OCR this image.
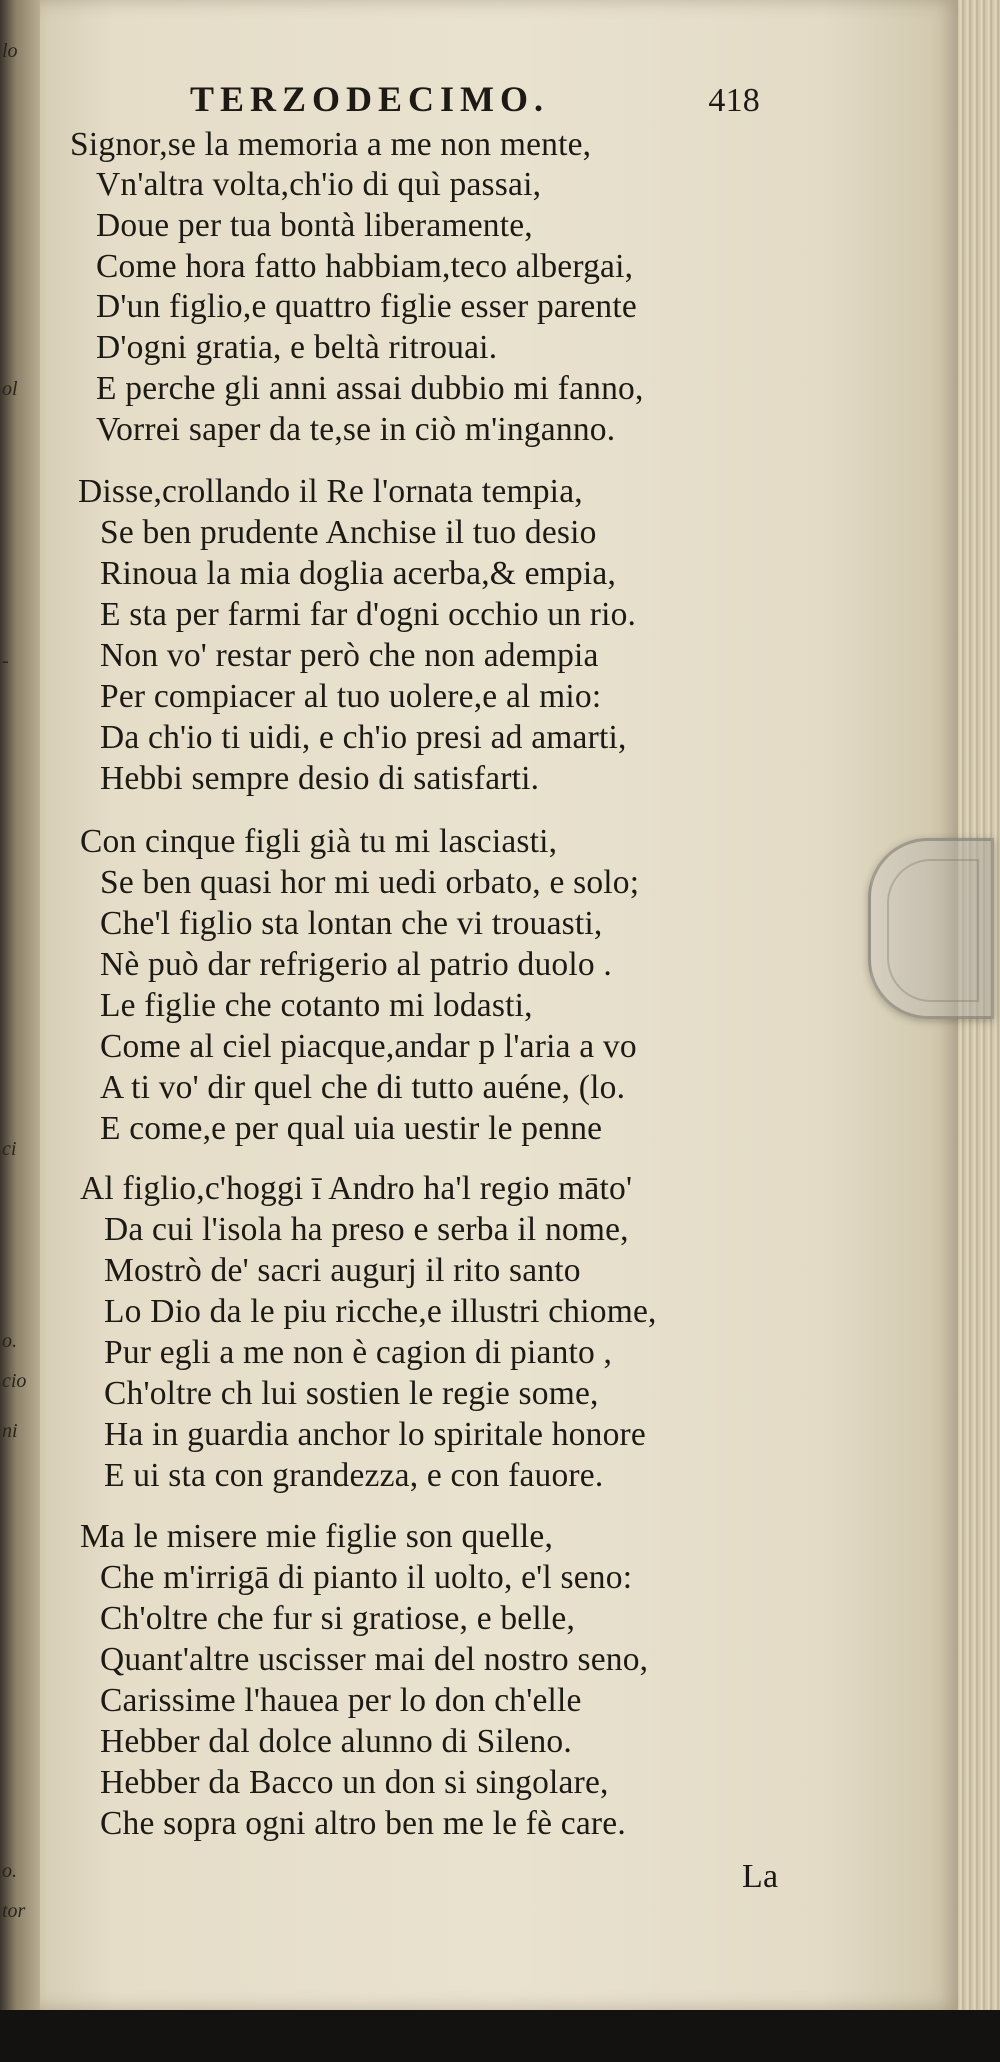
lo
ol
-
ci
o.
cio
ni
o.
tor
TERZODECIMO.	418
Signor,se la memoria a me non mente,
Vn'altra volta,ch'io di quì passai,
Doue per tua bontà liberamente,
Come hora fatto habbiam,teco albergai,
D'un figlio,e quattro figlie esser parente
D'ogni gratia, e beltà ritrouai.
E perche gli anni assai dubbio mi fanno,
Vorrei saper da te,se in ciò m'inganno.
Disse,crollando il Re l'ornata tempia,
Se ben prudente Anchise il tuo desio
Rinoua la mia doglia acerba,& empia,
E sta per farmi far d'ogni occhio un rio.
Non vo' restar però che non adempia
Per compiacer al tuo uolere,e al mio:
Da ch'io ti uidi, e ch'io presi ad amarti,
Hebbi sempre desio di satisfarti.
Con cinque figli già tu mi lasciasti,
Se ben quasi hor mi uedi orbato, e solo;
Che'l figlio sta lontan che vi trouasti,
Nè può dar refrigerio al patrio duolo .
Le figlie che cotanto mi lodasti,
Come al ciel piacque,andar p l'aria a vo
A ti vo' dir quel che di tutto auéne, (lo.
E come,e per qual uia uestir le penne
Al figlio,c'hoggi ī Andro ha'l regio māto'
Da cui l'isola ha preso e serba il nome,
Mostrò de' sacri augurj il rito santo
Lo Dio da le piu ricche,e illustri chiome,
Pur egli a me non è cagion di pianto ,
Ch'oltre ch lui sostien le regie some,
Ha in guardia anchor lo spiritale honore
E ui sta con grandezza, e con fauore.
Ma le misere mie figlie son quelle,
Che m'irrigā di pianto il uolto, e'l seno:
Ch'oltre che fur si gratiose, e belle,
Quant'altre uscisser mai del nostro seno,
Carissime l'hauea per lo don ch'elle
Hebber dal dolce alunno di Sileno.
Hebber da Bacco un don si singolare,
Che sopra ogni altro ben me le fè care.
La
